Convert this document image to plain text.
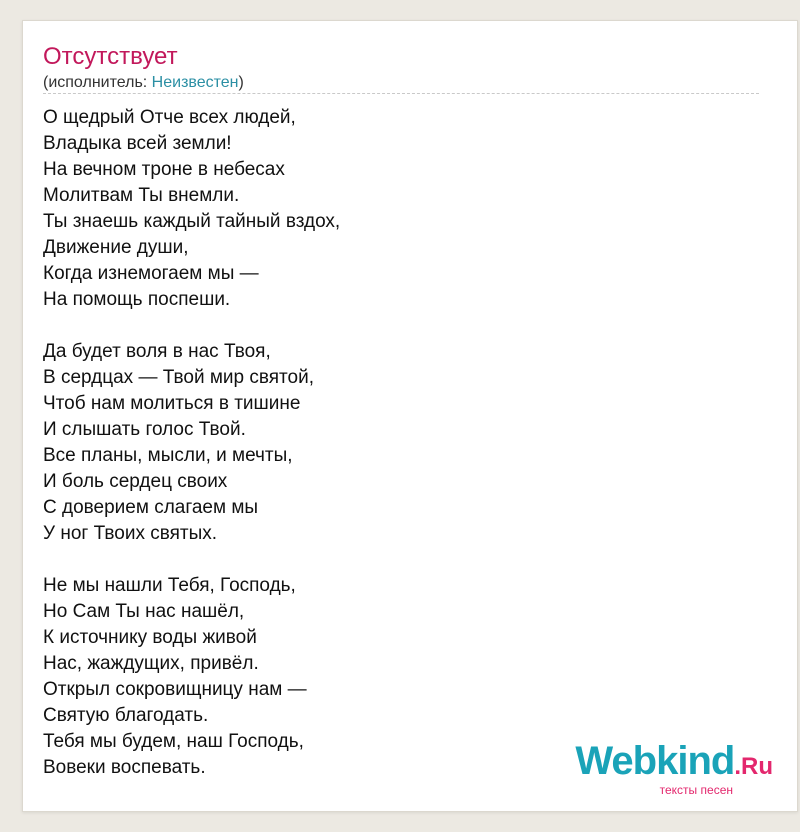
Отсутствует
(исполнитель: Неизвестен)
О щедрый Отче всех людей,
Владыка всей земли!
На вечном троне в небесах
Молитвам Ты внемли.
Ты знаешь каждый тайный вздох,
Движение души,
Когда изнемогаем мы —
На помощь поспеши.
Да будет воля в нас Твоя,
В сердцах — Твой мир святой,
Чтоб нам молиться в тишине
И слышать голос Твой.
Все планы, мысли, и мечты,
И боль сердец своих
С доверием слагаем мы
У ног Твоих святых.
Не мы нашли Тебя, Господь,
Но Сам Ты нас нашёл,
К источнику воды живой
Нас, жаждущих, привёл.
Открыл сокровищницу нам —
Святую благодать.
Тебя мы будем, наш Господь,
Вовеки воспевать.	Webkind.Ru
тексты песен
